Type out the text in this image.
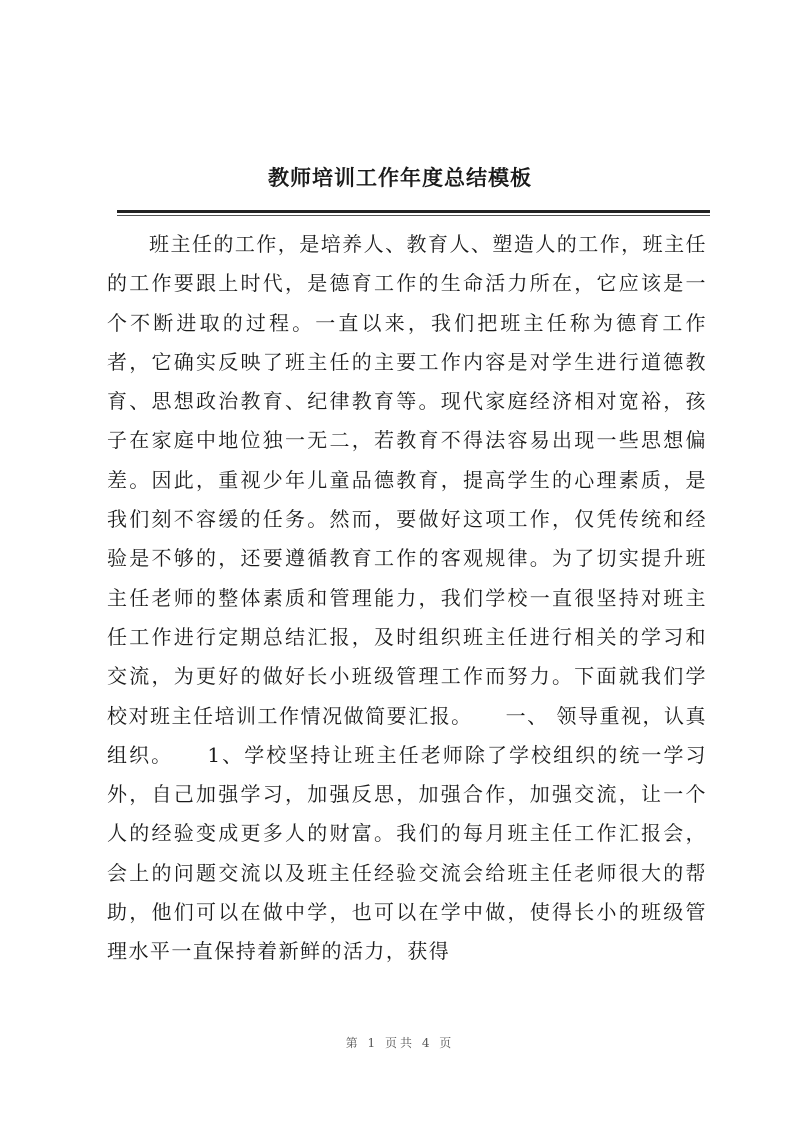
教师培训工作年度总结模板

班主任的工作，是培养人、教育人、塑造人的工作，班主任的工作要跟上时代，是德育工作的生命活力所在，它应该是一个不断进取的过程。一直以来，我们把班主任称为德育工作者，它确实反映了班主任的主要工作内容是对学生进行道德教育、思想政治教育、纪律教育等。现代家庭经济相对宽裕，孩子在家庭中地位独一无二，若教育不得法容易出现一些思想偏差。因此，重视少年儿童品德教育，提高学生的心理素质，是我们刻不容缓的任务。然而，要做好这项工作，仅凭传统和经验是不够的，还要遵循教育工作的客观规律。为了切实提升班主任老师的整体素质和管理能力，我们学校一直很坚持对班主任工作进行定期总结汇报，及时组织班主任进行相关的学习和交流，为更好的做好长小班级管理工作而努力。下面就我们学校对班主任培训工作情况做简要汇报。　　一、 领导重视，认真组织。　　1、学校坚持让班主任老师除了学校组织的统一学习外，自己加强学习，加强反思，加强合作，加强交流，让一个人的经验变成更多人的财富。我们的每月班主任工作汇报会，会上的问题交流以及班主任经验交流会给班主任老师很大的帮助，他们可以在做中学，也可以在学中做，使得长小的班级管理水平一直保持着新鲜的活力，获得

第 1 页共 4 页
